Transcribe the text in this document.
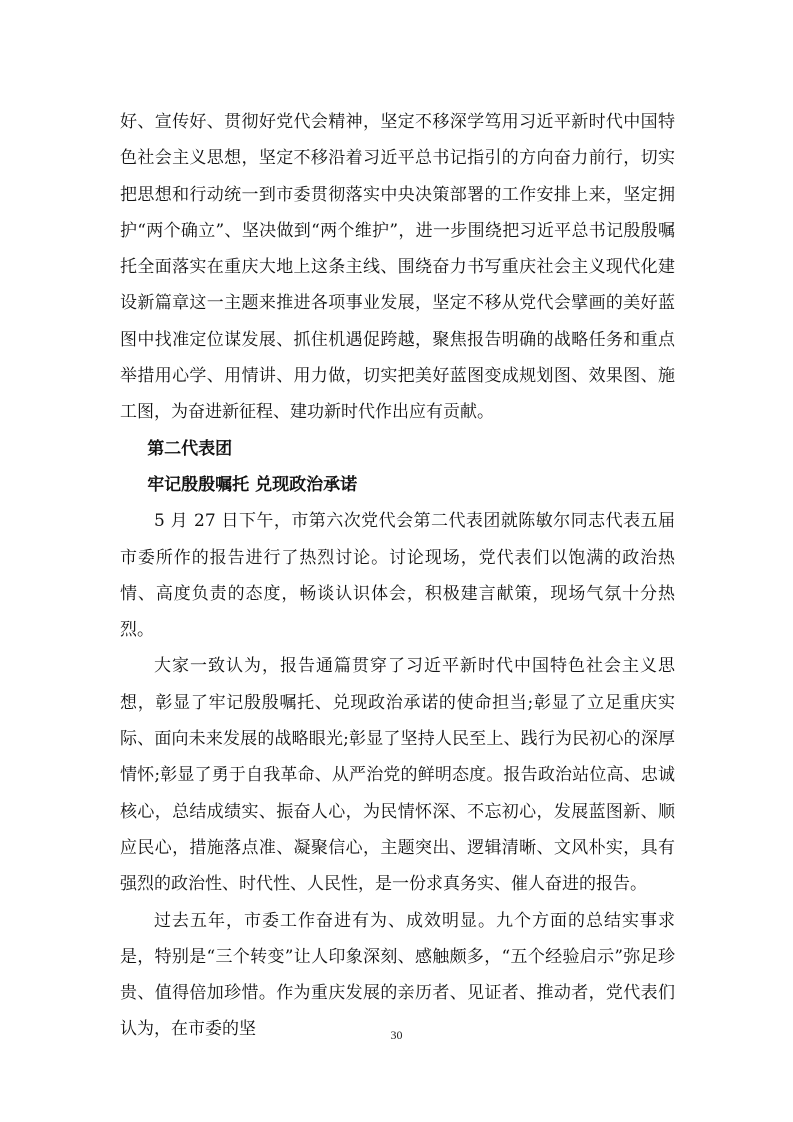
好、宣传好、贯彻好党代会精神，坚定不移深学笃用习近平新时代中国特色社会主义思想，坚定不移沿着习近平总书记指引的方向奋力前行，切实把思想和行动统一到市委贯彻落实中央决策部署的工作安排上来，坚定拥护“两个确立”、坚决做到“两个维护”，进一步围绕把习近平总书记殷殷嘱托全面落实在重庆大地上这条主线、围绕奋力书写重庆社会主义现代化建设新篇章这一主题来推进各项事业发展，坚定不移从党代会擘画的美好蓝图中找准定位谋发展、抓住机遇促跨越，聚焦报告明确的战略任务和重点举措用心学、用情讲、用力做，切实把美好蓝图变成规划图、效果图、施工图，为奋进新征程、建功新时代作出应有贡献。

第二代表团

牢记殷殷嘱托 兑现政治承诺

5 月 27 日下午，市第六次党代会第二代表团就陈敏尔同志代表五届市委所作的报告进行了热烈讨论。讨论现场，党代表们以饱满的政治热情、高度负责的态度，畅谈认识体会，积极建言献策，现场气氛十分热烈。

大家一致认为，报告通篇贯穿了习近平新时代中国特色社会主义思想，彰显了牢记殷殷嘱托、兑现政治承诺的使命担当;彰显了立足重庆实际、面向未来发展的战略眼光;彰显了坚持人民至上、践行为民初心的深厚情怀;彰显了勇于自我革命、从严治党的鲜明态度。报告政治站位高、忠诚核心，总结成绩实、振奋人心，为民情怀深、不忘初心，发展蓝图新、顺应民心，措施落点准、凝聚信心，主题突出、逻辑清晰、文风朴实，具有强烈的政治性、时代性、人民性，是一份求真务实、催人奋进的报告。

过去五年，市委工作奋进有为、成效明显。九个方面的总结实事求是，特别是“三个转变”让人印象深刻、感触颇多，“五个经验启示”弥足珍贵、值得倍加珍惜。作为重庆发展的亲历者、见证者、推动者，党代表们认为，在市委的坚	30
